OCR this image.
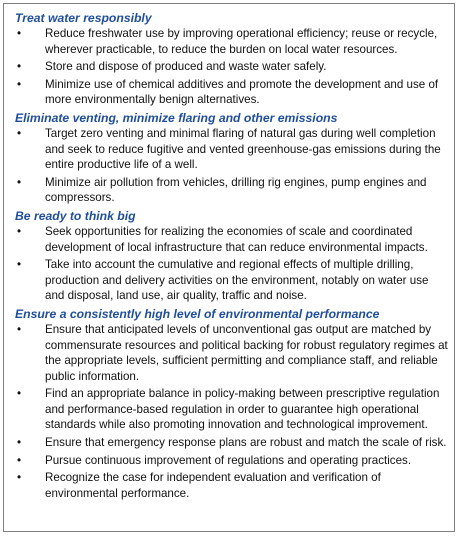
Treat water responsibly

• Reduce freshwater use by improving operational efficiency; reuse or recycle, wherever practicable, to reduce the burden on local water resources.
• Store and dispose of produced and waste water safely.
• Minimize use of chemical additives and promote the development and use of more environmentally benign alternatives.

Eliminate venting, minimize flaring and other emissions

• Target zero venting and minimal flaring of natural gas during well completion and seek to reduce fugitive and vented greenhouse-gas emissions during the entire productive life of a well.
• Minimize air pollution from vehicles, drilling rig engines, pump engines and compressors.

Be ready to think big

• Seek opportunities for realizing the economies of scale and coordinated development of local infrastructure that can reduce environmental impacts.
• Take into account the cumulative and regional effects of multiple drilling, production and delivery activities on the environment, notably on water use and disposal, land use, air quality, traffic and noise.

Ensure a consistently high level of environmental performance

• Ensure that anticipated levels of unconventional gas output are matched by commensurate resources and political backing for robust regulatory regimes at the appropriate levels, sufficient permitting and compliance staff, and reliable public information.
• Find an appropriate balance in policy-making between prescriptive regulation and performance-based regulation in order to guarantee high operational standards while also promoting innovation and technological improvement.
• Ensure that emergency response plans are robust and match the scale of risk.
• Pursue continuous improvement of regulations and operating practices.
• Recognize the case for independent evaluation and verification of environmental performance.
